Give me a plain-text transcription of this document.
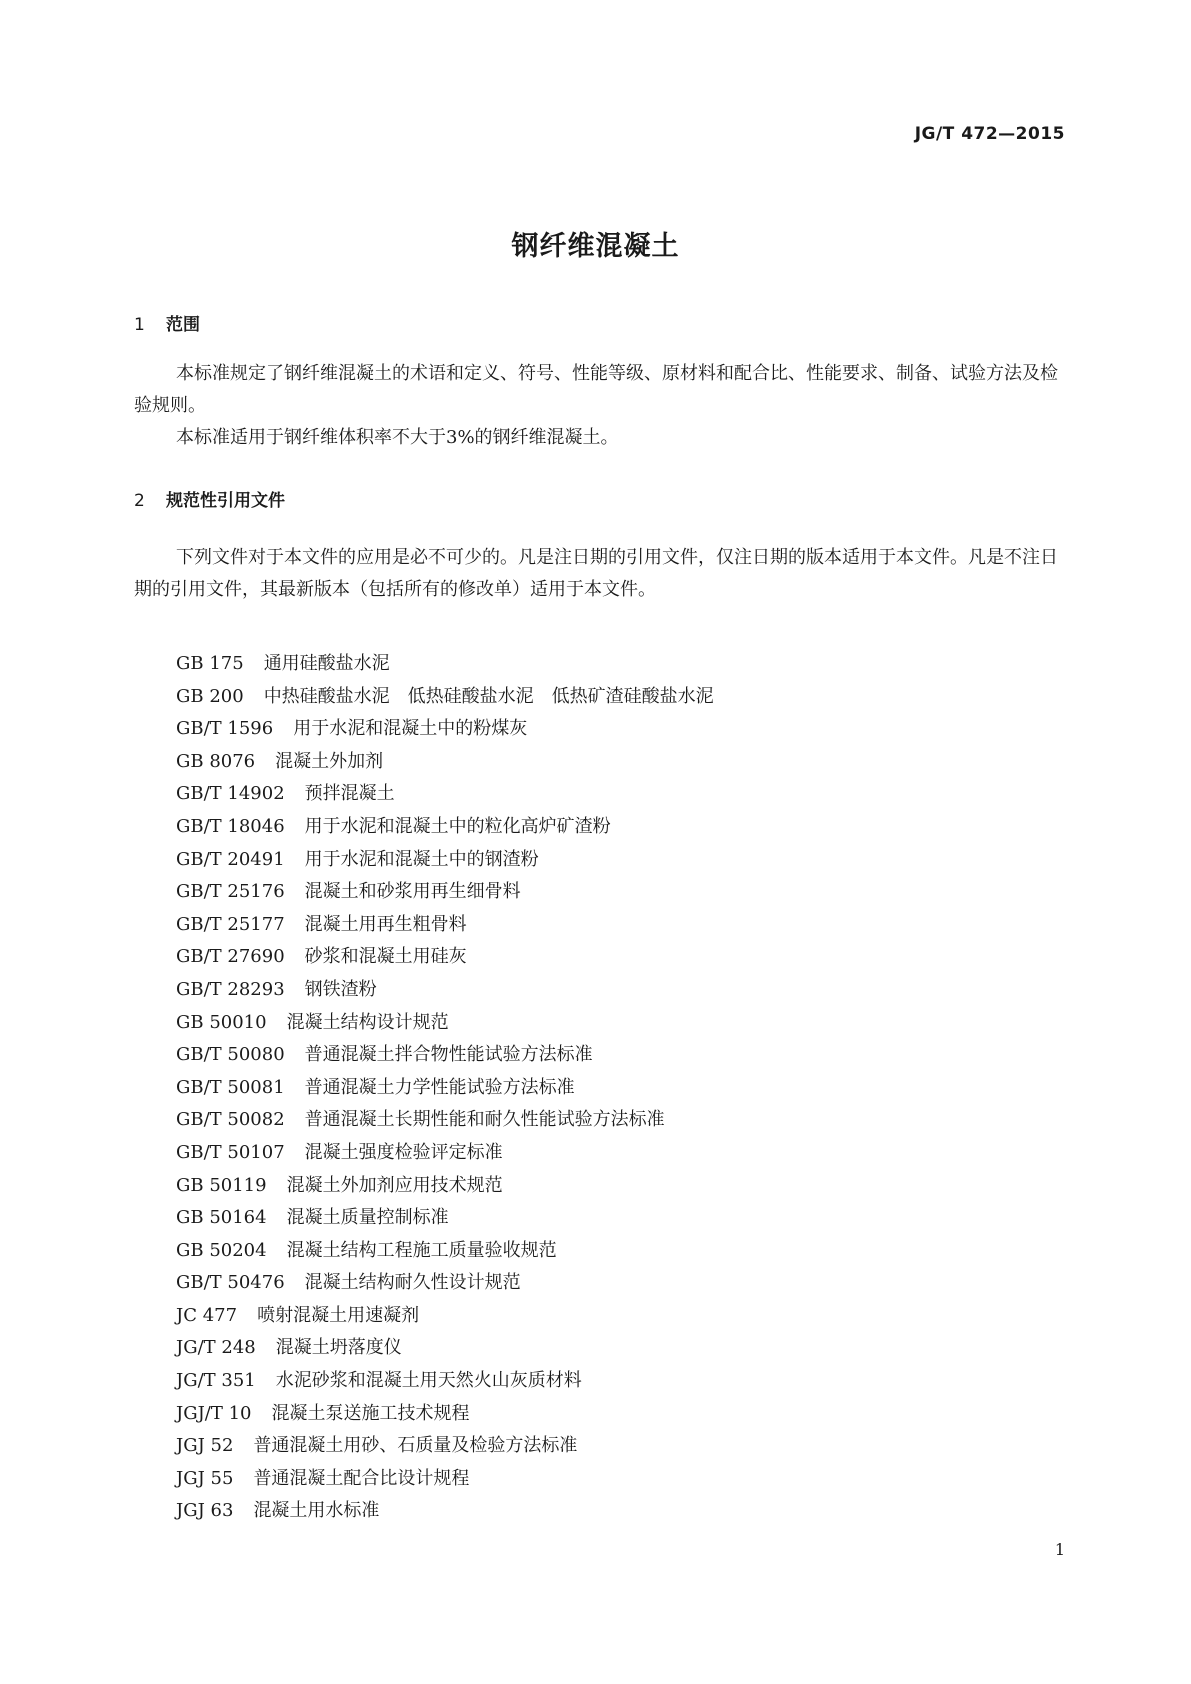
JG/T 472—2015

钢纤维混凝土
1 范围

本标准规定了钢纤维混凝土的术语和定义、符号、性能等级、原材料和配合比、性能要求、制备、试验方法及检验规则。

本标准适用于钢纤维体积率不大于3%的钢纤维混凝土。

2 规范性引用文件

下列文件对于本文件的应用是必不可少的。凡是注日期的引用文件，仅注日期的版本适用于本文件。凡是不注日期的引用文件，其最新版本（包括所有的修改单）适用于本文件。

GB 175 通用硅酸盐水泥
GB 200 中热硅酸盐水泥　低热硅酸盐水泥　低热矿渣硅酸盐水泥
GB/T 1596 用于水泥和混凝土中的粉煤灰
GB 8076 混凝土外加剂
GB/T 14902 预拌混凝土
GB/T 18046 用于水泥和混凝土中的粒化高炉矿渣粉
GB/T 20491 用于水泥和混凝土中的钢渣粉
GB/T 25176 混凝土和砂浆用再生细骨料
GB/T 25177 混凝土用再生粗骨料
GB/T 27690 砂浆和混凝土用硅灰
GB/T 28293 钢铁渣粉
GB 50010 混凝土结构设计规范
GB/T 50080 普通混凝土拌合物性能试验方法标准
GB/T 50081 普通混凝土力学性能试验方法标准
GB/T 50082 普通混凝土长期性能和耐久性能试验方法标准
GB/T 50107 混凝土强度检验评定标准
GB 50119 混凝土外加剂应用技术规范
GB 50164 混凝土质量控制标准
GB 50204 混凝土结构工程施工质量验收规范
GB/T 50476 混凝土结构耐久性设计规范
JC 477 喷射混凝土用速凝剂
JG/T 248 混凝土坍落度仪
JG/T 351 水泥砂浆和混凝土用天然火山灰质材料
JGJ/T 10 混凝土泵送施工技术规程
JGJ 52 普通混凝土用砂、石质量及检验方法标准
JGJ 55 普通混凝土配合比设计规程
JGJ 63 混凝土用水标准

1
